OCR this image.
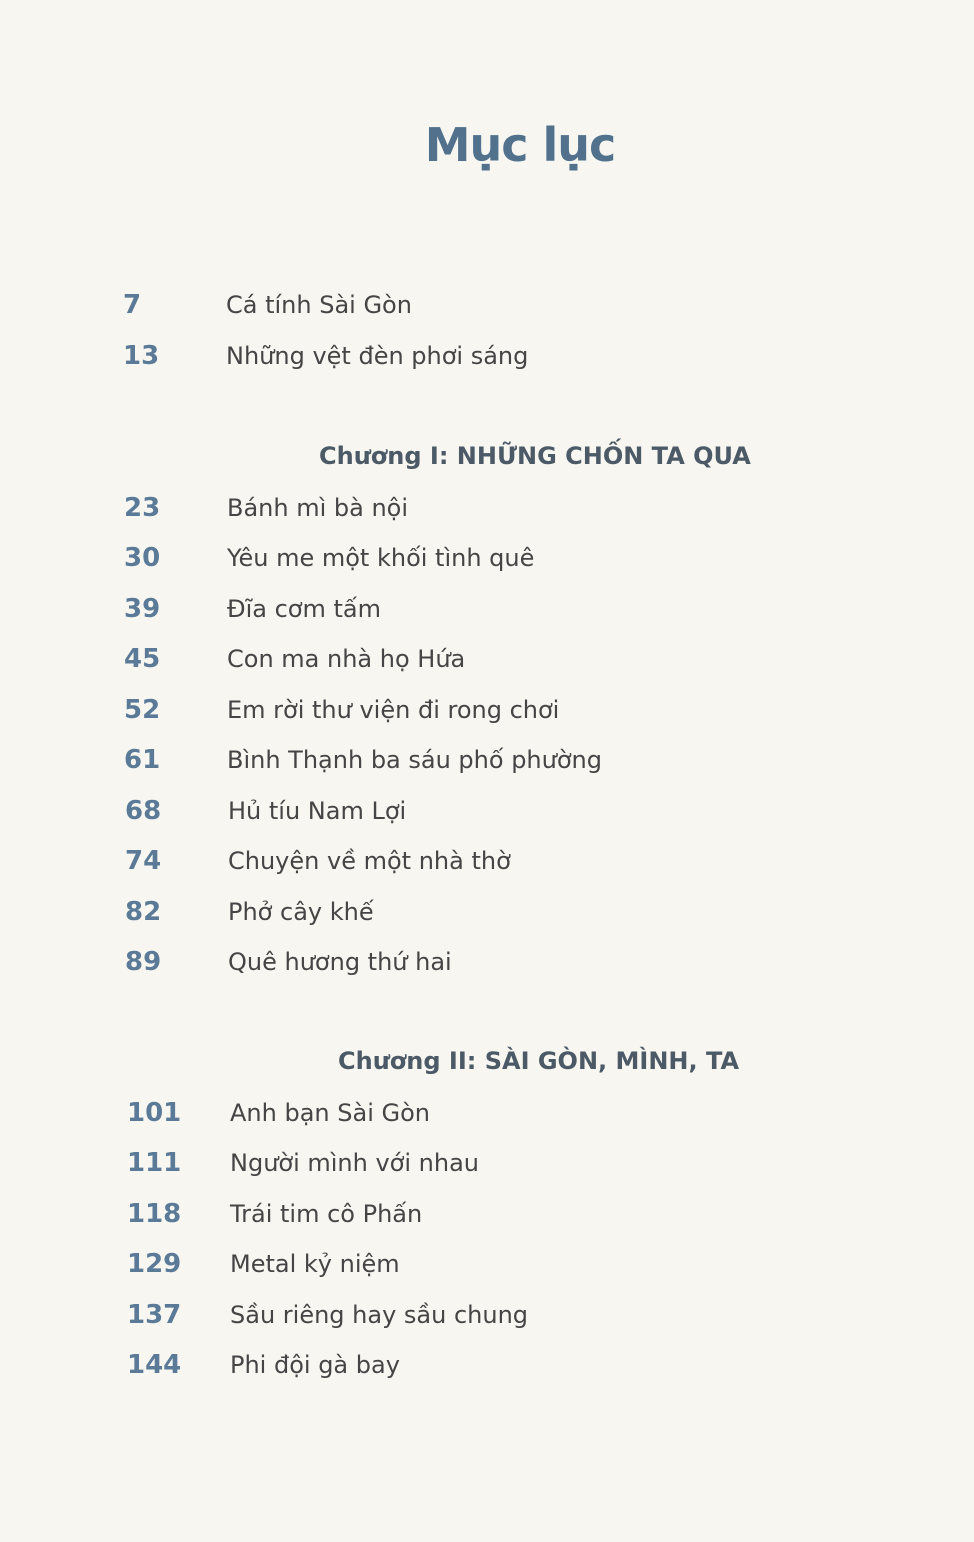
Mục lục
7	Cá tính Sài Gòn
13	Những vệt đèn phơi sáng
Chương I: NHỮNG CHỐN TA QUA
23	Bánh mì bà nội
30	Yêu me một khối tình quê
39	Đĩa cơm tấm
45	Con ma nhà họ Hứa
52	Em rời thư viện đi rong chơi
61	Bình Thạnh ba sáu phố phường
68	Hủ tíu Nam Lợi
74	Chuyện về một nhà thờ
82	Phở cây khế
89	Quê hương thứ hai
Chương II: SÀI GÒN, MÌNH, TA
101 Anh bạn Sài Gòn
111 Người mình với nhau
118 Trái tim cô Phấn
129 Metal kỷ niệm
137 Sầu riêng hay sầu chung
144 Phi đội gà bay
